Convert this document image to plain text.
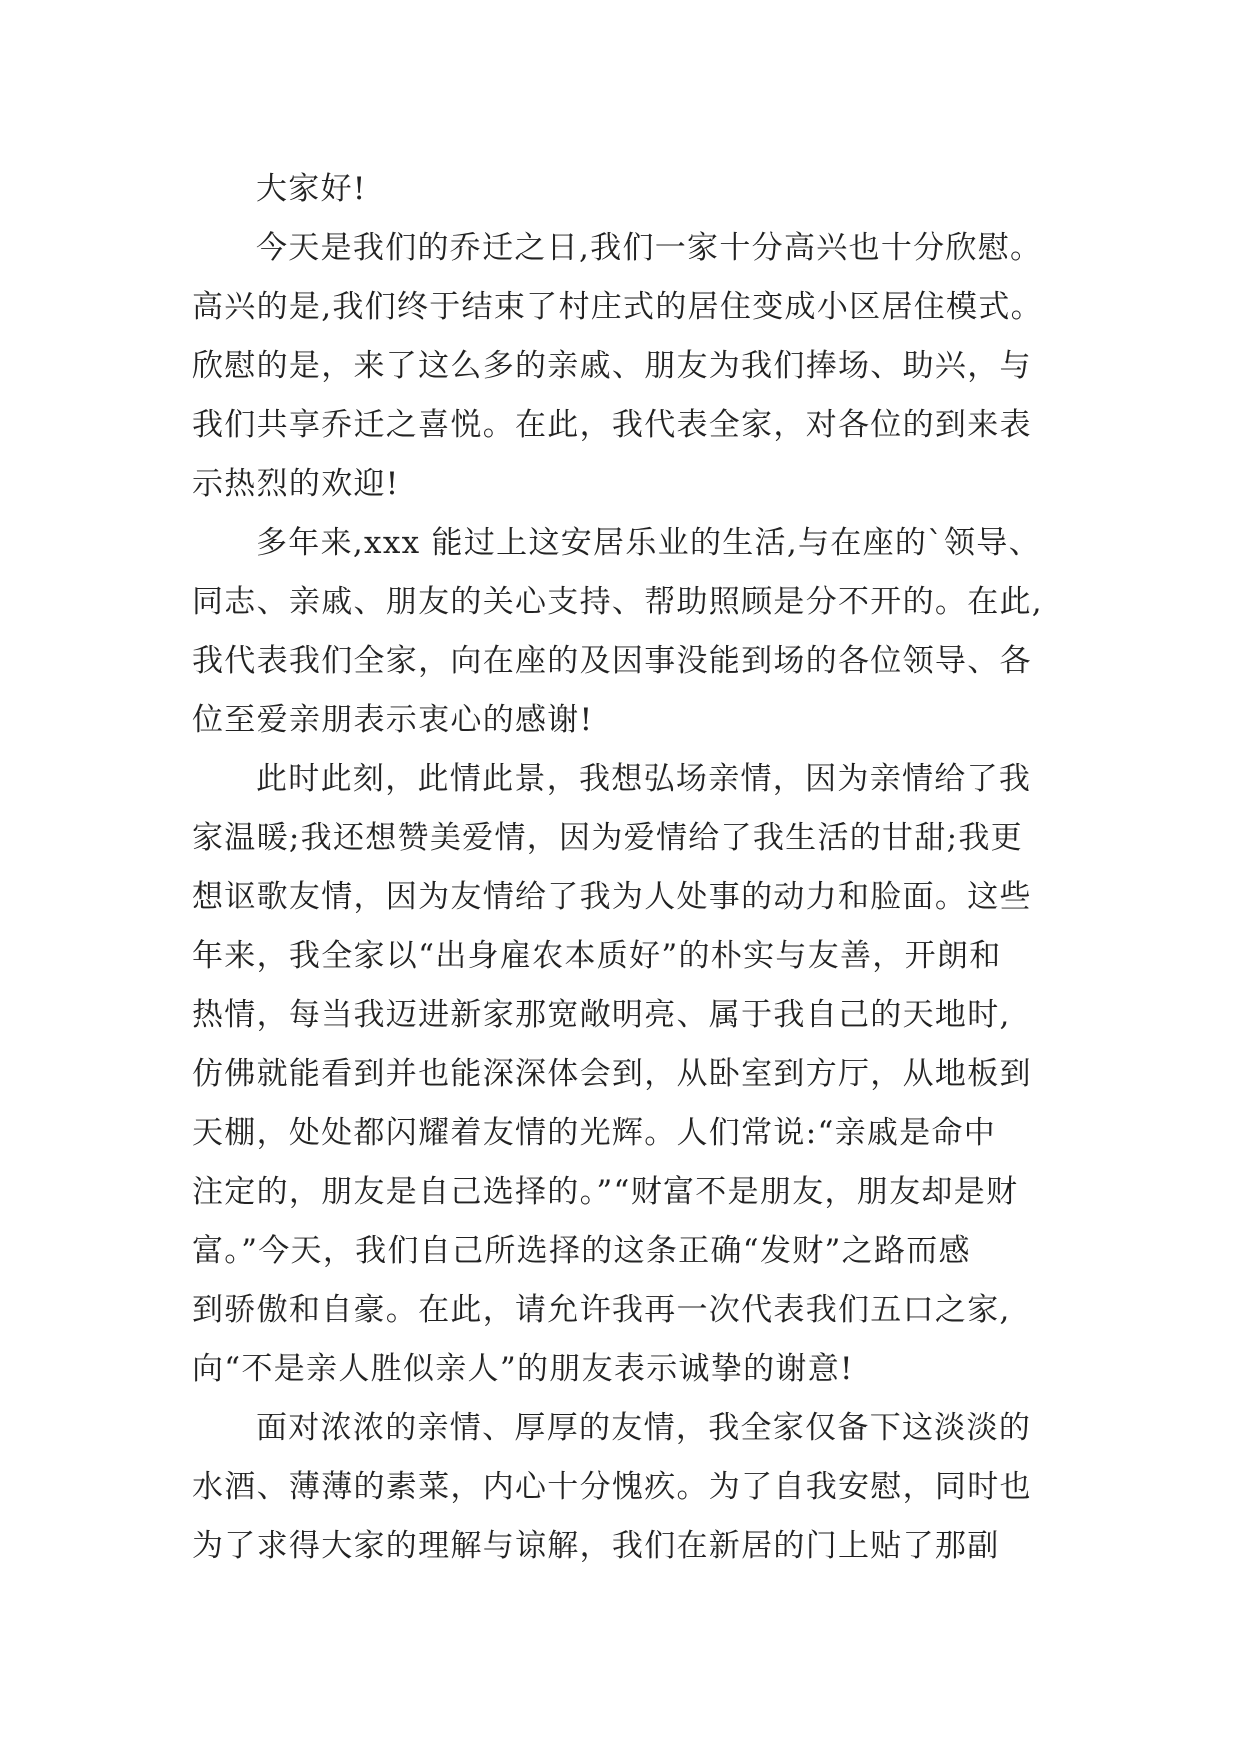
大家好!
今天是我们的乔迁之日,我们一家十分高兴也十分欣慰。
高兴的是,我们终于结束了村庄式的居住变成小区居住模式。
欣慰的是，来了这么多的亲戚、朋友为我们捧场、助兴，与
我们共享乔迁之喜悦。在此，我代表全家，对各位的到来表
示热烈的欢迎!
多年来,xxx 能过上这安居乐业的生活,与在座的`领导、
同志、亲戚、朋友的关心支持、帮助照顾是分不开的。在此,
我代表我们全家，向在座的及因事没能到场的各位领导、各
位至爱亲朋表示衷心的感谢!
此时此刻，此情此景，我想弘场亲情，因为亲情给了我
家温暖;我还想赞美爱情，因为爱情给了我生活的甘甜;我更
想讴歌友情，因为友情给了我为人处事的动力和脸面。这些
年来，我全家以“出身雇农本质好”的朴实与友善，开朗和
热情，每当我迈进新家那宽敞明亮、属于我自己的天地时,
仿佛就能看到并也能深深体会到，从卧室到方厅，从地板到
天棚，处处都闪耀着友情的光辉。人们常说:“亲戚是命中
注定的，朋友是自己选择的。”“财富不是朋友，朋友却是财
富。”今天，我们自己所选择的这条正确“发财”之路而感
到骄傲和自豪。在此，请允许我再一次代表我们五口之家,
向“不是亲人胜似亲人”的朋友表示诚挚的谢意!
面对浓浓的亲情、厚厚的友情，我全家仅备下这淡淡的
水酒、薄薄的素菜，内心十分愧疚。为了自我安慰，同时也
为了求得大家的理解与谅解，我们在新居的门上贴了那副
